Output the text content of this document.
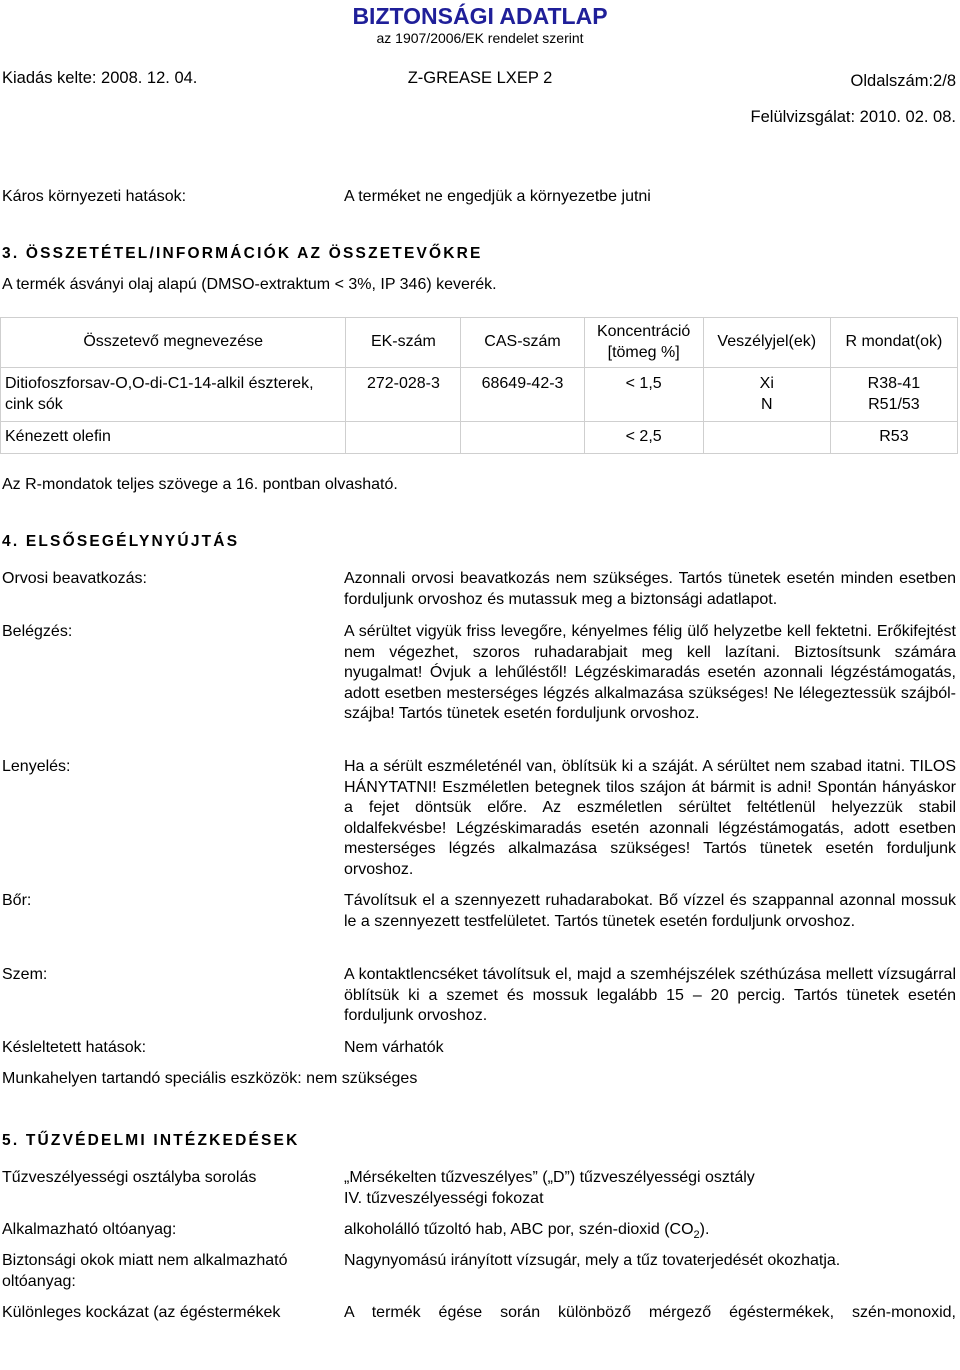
BIZTONSÁGI ADATLAP
az 1907/2006/EK rendelet szerint
Kiadás kelte: 2008. 12. 04.	Z-GREASE LXEP 2	Oldalszám:2/8
Felülvizsgálat: 2010. 02. 08.
Káros környezeti hatások:	A terméket ne engedjük a környezetbe jutni
3. ÖSSZETÉTEL/INFORMÁCIÓK AZ ÖSSZETEVŐKRE
A termék ásványi olaj alapú (DMSO-extraktum < 3%, IP 346) keverék.
Összetevő megnevezése	EK-szám	CAS-szám	Koncentráció [tömeg %]	Veszélyjel(ek)	R mondat(ok)
Ditiofoszforsav-O,O-di-C1-14-alkil észterek, cink sók	272-028-3	68649-42-3	< 1,5	Xi N	R38-41 R51/53
Kénezett olefin			< 2,5		R53
Az R-mondatok teljes szövege a 16. pontban olvasható.
4. ELSŐSEGÉLYNYÚJTÁS
Orvosi beavatkozás:	Azonnali orvosi beavatkozás nem szükséges. Tartós tünetek esetén minden esetben forduljunk orvoshoz és mutassuk meg a biztonsági adatlapot.
Belégzés:	A sérültet vigyük friss levegőre, kényelmes félig ülő helyzetbe kell fektetni. Erőkifejtést nem végezhet, szoros ruhadarabjait meg kell lazítani. Biztosítsunk számára nyugalmat! Óvjuk a lehűléstől! Légzéskimaradás esetén azonnali légzéstámogatás, adott esetben mesterséges légzés alkalmazása szükséges! Ne lélegeztessük szájból-szájba! Tartós tünetek esetén forduljunk orvoshoz.
Lenyelés:	Ha a sérült eszméleténél van, öblítsük ki a száját. A sérültet nem szabad itatni. TILOS HÁNYTATNI! Eszméletlen betegnek tilos szájon át bármit is adni! Spontán hányáskor a fejet döntsük előre. Az eszméletlen sérültet feltétlenül helyezzük stabil oldalfekvésbe! Légzéskimaradás esetén azonnali légzéstámogatás, adott esetben mesterséges légzés alkalmazása szükséges! Tartós tünetek esetén forduljunk orvoshoz.
Bőr:	Távolítsuk el a szennyezett ruhadarabokat. Bő vízzel és szappannal azonnal mossuk le a szennyezett testfelületet. Tartós tünetek esetén forduljunk orvoshoz.
Szem:	A kontaktlencséket távolítsuk el, majd a szemhéjszélek széthúzása mellett vízsugárral öblítsük ki a szemet és mossuk legalább 15 – 20 percig. Tartós tünetek esetén forduljunk orvoshoz.
Késleltetett hatások:	Nem várhatók
Munkahelyen tartandó speciális eszközök: nem szükséges
5. TŰZVÉDELMI INTÉZKEDÉSEK
Tűzveszélyességi osztályba sorolás	„Mérsékelten tűzveszélyes” („D”) tűzveszélyességi osztály
IV. tűzveszélyességi fokozat
Alkalmazható oltóanyag:	alkoholálló tűzoltó hab, ABC por, szén-dioxid $(CO_2)$.
Biztonsági okok miatt nem alkalmazható oltóanyag:
Nagynyomású irányított vízsugár, mely a tűz tovaterjedését okozhatja.
Különleges kockázat (az égéstermékek	A termék égése során különböző mérgező égéstermékek, szén-monoxid,
